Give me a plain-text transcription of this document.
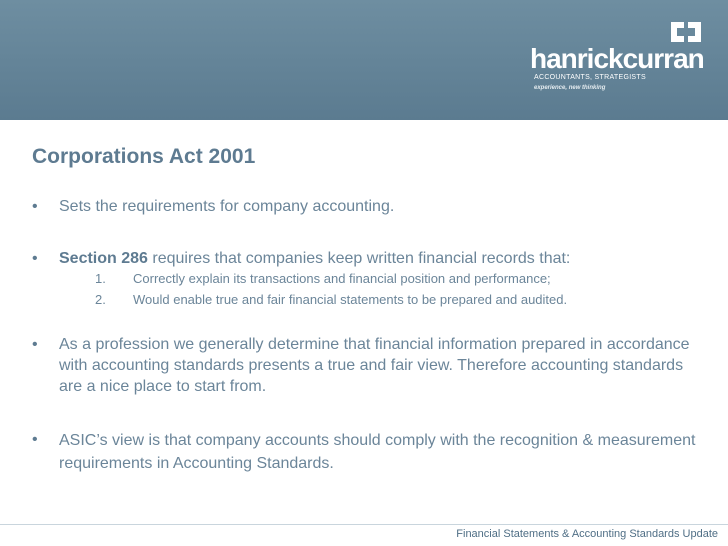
hanrickcurran
ACCOUNTANTS, STRATEGISTS
experience, new thinking
Corporations Act 2001
• Sets the requirements for company accounting.
• Section 286 requires that companies keep written financial records that:
1. Correctly explain its transactions and financial position and performance;
2. Would enable true and fair financial statements to be prepared and audited.
• As a profession we generally determine that financial information prepared in accordance with accounting standards presents a true and fair view. Therefore accounting standards are a nice place to start from.
• ASIC’s view is that company accounts should comply with the recognition & measurement requirements in Accounting Standards.
Financial Statements & Accounting Standards Update
